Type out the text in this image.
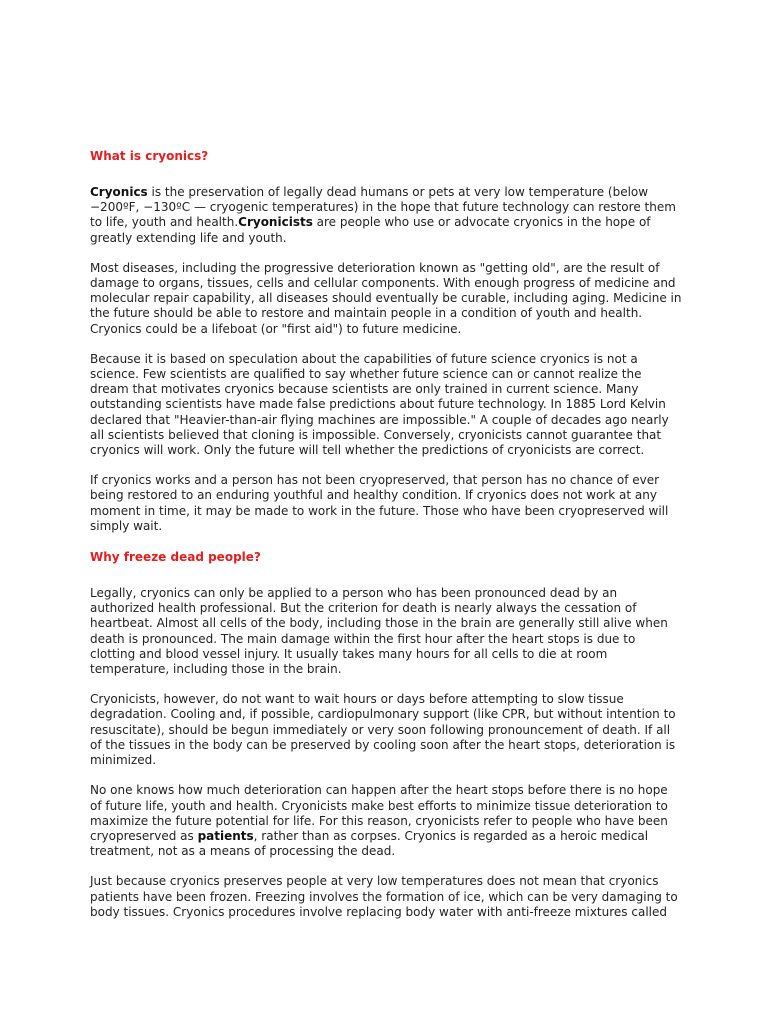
What is cryonics?

Cryonics is the preservation of legally dead humans or pets at very low temperature (below −200ºF, −130ºC — cryogenic temperatures) in the hope that future technology can restore them to life, youth and health.Cryonicists are people who use or advocate cryonics in the hope of greatly extending life and youth.

Most diseases, including the progressive deterioration known as "getting old", are the result of damage to organs, tissues, cells and cellular components. With enough progress of medicine and molecular repair capability, all diseases should eventually be curable, including aging. Medicine in the future should be able to restore and maintain people in a condition of youth and health. Cryonics could be a lifeboat (or "first aid") to future medicine.

Because it is based on speculation about the capabilities of future science cryonics is not a science. Few scientists are qualified to say whether future science can or cannot realize the dream that motivates cryonics because scientists are only trained in current science. Many outstanding scientists have made false predictions about future technology. In 1885 Lord Kelvin declared that "Heavier-than-air flying machines are impossible." A couple of decades ago nearly all scientists believed that cloning is impossible. Conversely, cryonicists cannot guarantee that cryonics will work. Only the future will tell whether the predictions of cryonicists are correct.

If cryonics works and a person has not been cryopreserved, that person has no chance of ever being restored to an enduring youthful and healthy condition. If cryonics does not work at any moment in time, it may be made to work in the future. Those who have been cryopreserved will simply wait.

Why freeze dead people?

Legally, cryonics can only be applied to a person who has been pronounced dead by an authorized health professional. But the criterion for death is nearly always the cessation of heartbeat. Almost all cells of the body, including those in the brain are generally still alive when death is pronounced. The main damage within the first hour after the heart stops is due to clotting and blood vessel injury. It usually takes many hours for all cells to die at room temperature, including those in the brain.

Cryonicists, however, do not want to wait hours or days before attempting to slow tissue degradation. Cooling and, if possible, cardiopulmonary support (like CPR, but without intention to resuscitate), should be begun immediately or very soon following pronouncement of death. If all of the tissues in the body can be preserved by cooling soon after the heart stops, deterioration is minimized.

No one knows how much deterioration can happen after the heart stops before there is no hope of future life, youth and health. Cryonicists make best efforts to minimize tissue deterioration to maximize the future potential for life. For this reason, cryonicists refer to people who have been cryopreserved as patients, rather than as corpses. Cryonics is regarded as a heroic medical treatment, not as a means of processing the dead.

Just because cryonics preserves people at very low temperatures does not mean that cryonics patients have been frozen. Freezing involves the formation of ice, which can be very damaging to body tissues. Cryonics procedures involve replacing body water with anti-freeze mixtures called
